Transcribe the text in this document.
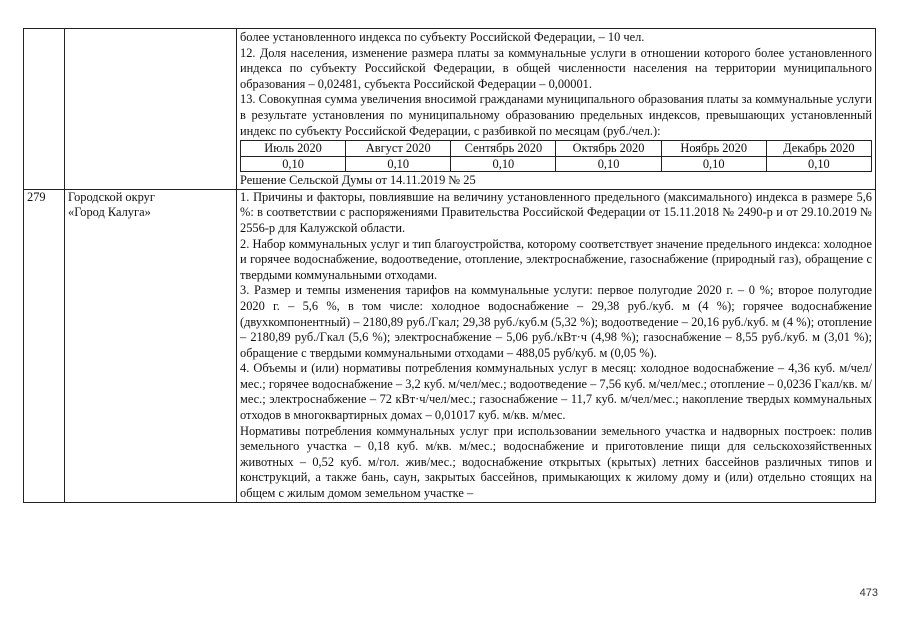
более установленного индекса по субъекту Российской Федерации, – 10 чел.

12. Доля населения, изменение размера платы за коммунальные услуги в отношении которого более установленного индекса по субъекту Российской Федерации, в общей численности населения на территории муниципального образования – 0,02481, субъекта Российской Федерации – 0,00001.

13. Совокупная сумма увеличения вносимой гражданами муниципального образования платы за коммунальные услуги в результате установления по муниципальному образованию предельных индексов, превышающих установленный индекс по субъекту Российской Федерации, с разбивкой по месяцам (руб./чел.):

Июль 2020	Август 2020	Сентябрь 2020	Октябрь 2020	Ноябрь 2020	Декабрь 2020
0,10	0,10	0,10	0,10	0,10	0,10

Решение Сельской Думы от 14.11.2019 № 25

279	Городской округ
«Город Калуга»

1. Причины и факторы, повлиявшие на величину установленного предельного (максимального) индекса в размере 5,6 %: в соответствии с распоряжениями Правительства Российской Федерации от 15.11.2018 № 2490-р и от 29.10.2019 № 2556-р для Калужской области.

2. Набор коммунальных услуг и тип благоустройства, которому соответствует значение предельного индекса: холодное и горячее водоснабжение, водоотведение, отопление, электроснабжение, газоснабжение (природный газ), обращение с твердыми коммунальными отходами.

3. Размер и темпы изменения тарифов на коммунальные услуги: первое полугодие 2020 г. – 0 %; второе полугодие 2020 г. – 5,6 %, в том числе: холодное водоснабжение – 29,38 руб./куб. м (4 %); горячее водоснабжение (двухкомпонентный) – 2180,89 руб./Гкал; 29,38 руб./куб.м (5,32 %); водоотведение – 20,16 руб./куб. м (4 %); отопление – 2180,89 руб./Гкал (5,6 %); электроснабжение – 5,06 руб./кВт·ч (4,98 %); газоснабжение – 8,55 руб./куб. м (3,01 %); обращение с твердыми коммунальными отходами – 488,05 руб/куб. м (0,05 %).

4. Объемы и (или) нормативы потребления коммунальных услуг в месяц: холодное водоснабжение – 4,36 куб. м/чел/мес.; горячее водоснабжение – 3,2 куб. м/чел/мес.; водоотведение – 7,56 куб. м/чел/мес.; отопление – 0,0236 Гкал/кв. м/мес.; электроснабжение – 72 кВт·ч/чел/мес.; газоснабжение – 11,7 куб. м/чел/мес.; накопление твердых коммунальных отходов в многоквартирных домах – 0,01017 куб. м/кв. м/мес.

Нормативы потребления коммунальных услуг при использовании земельного участка и надворных построек: полив земельного участка – 0,18 куб. м/кв. м/мес.; водоснабжение и приготовление пищи для сельскохозяйственных животных – 0,52 куб. м/гол. жив/мес.; водоснабжение открытых (крытых) летних бассейнов различных типов и конструкций, а также бань, саун, закрытых бассейнов, примыкающих к жилому дому и (или) отдельно стоящих на общем с жилым домом земельном участке –

473
